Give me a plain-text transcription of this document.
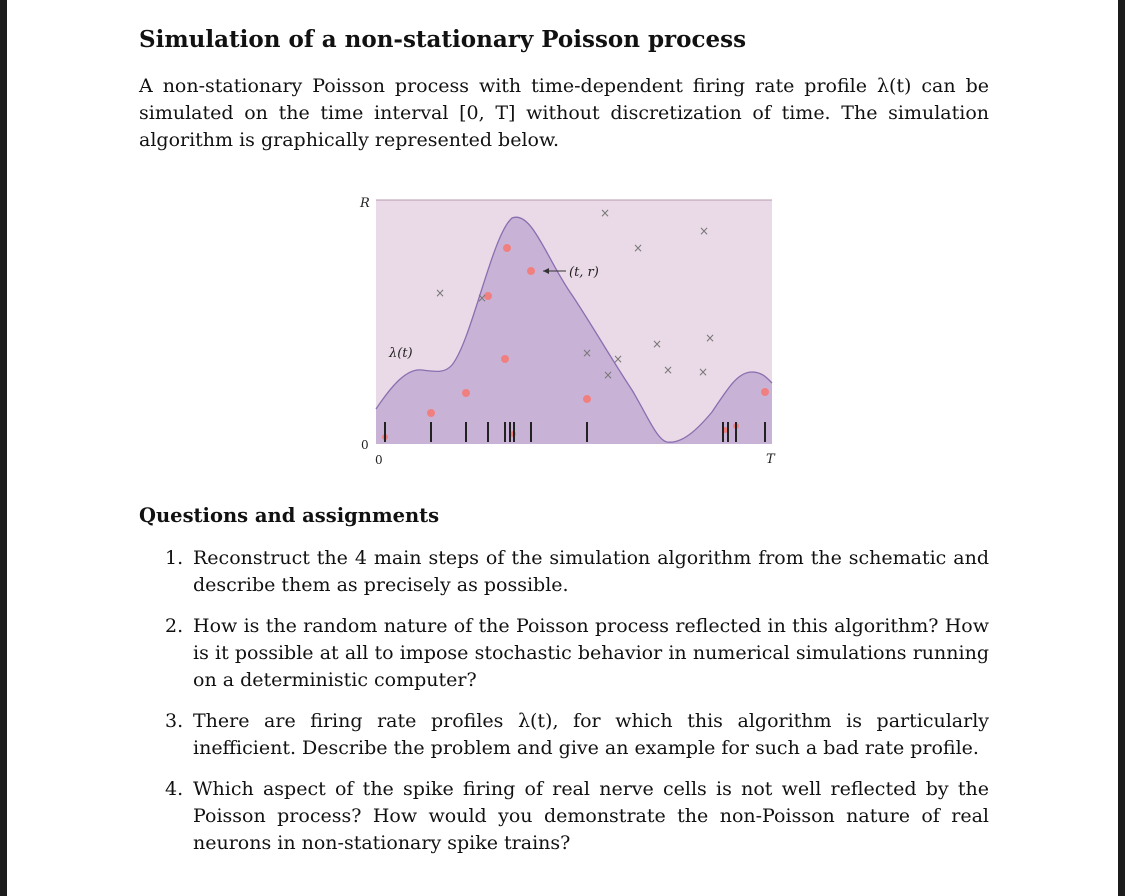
Simulation of a non-stationary Poisson process

A non-stationary Poisson process with time-dependent firing rate profile λ(t) can be simulated on the time interval [0, T] without discretization of time. The simulation algorithm is graphically represented below.

R
0
0	T
λ(t)
(t, r)
×
×
×
×	×
×
×
× ×
× ×
×
Questions and assignments
1. Reconstruct the 4 main steps of the simulation algorithm from the schematic and describe them as precisely as possible.
2. How is the random nature of the Poisson process reflected in this algorithm? How is it possible at all to impose stochastic behavior in numerical simulations running on a deterministic computer?
3. There are firing rate profiles λ(t), for which this algorithm is particularly inefficient. Describe the problem and give an example for such a bad rate profile.
4. Which aspect of the spike firing of real nerve cells is not well reflected by the Poisson process? How would you demonstrate the non-Poisson nature of real neurons in non-stationary spike trains?
